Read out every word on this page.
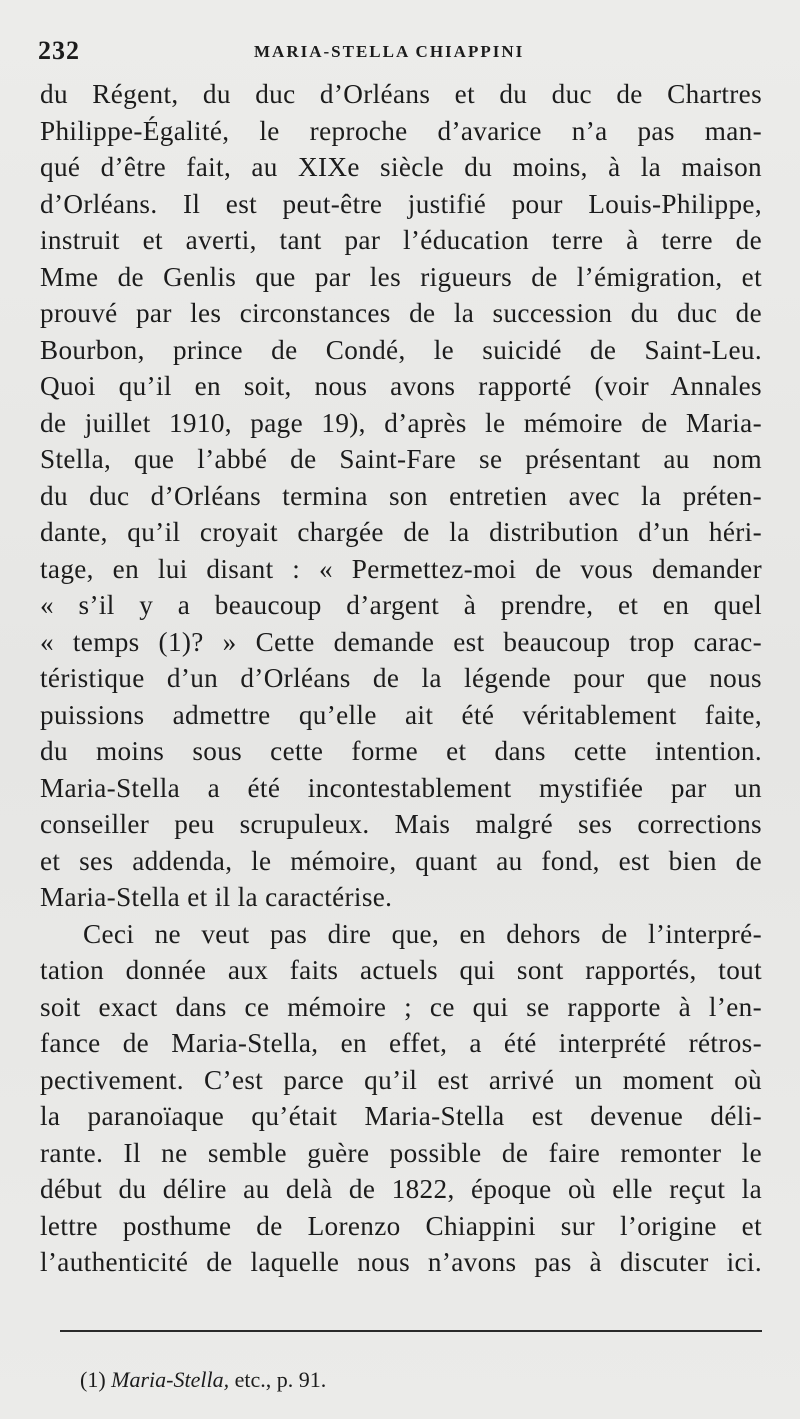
232	MARIA-STELLA CHIAPPINI
du Régent, du duc d’Orléans et du duc de Chartres
Philippe-Égalité, le reproche d’avarice n’a pas man-
qué d’être fait, au XIXe siècle du moins, à la maison
d’Orléans. Il est peut-être justifié pour Louis-Philippe,
instruit et averti, tant par l’éducation terre à terre de
Mme de Genlis que par les rigueurs de l’émigration, et
prouvé par les circonstances de la succession du duc de
Bourbon, prince de Condé, le suicidé de Saint-Leu.
Quoi qu’il en soit, nous avons rapporté (voir Annales
de juillet 1910, page 19), d’après le mémoire de Maria-
Stella, que l’abbé de Saint-Fare se présentant au nom
du duc d’Orléans termina son entretien avec la préten-
dante, qu’il croyait chargée de la distribution d’un héri-
tage, en lui disant : « Permettez-moi de vous demander
« s’il y a beaucoup d’argent à prendre, et en quel
« temps (1)? » Cette demande est beaucoup trop carac-
téristique d’un d’Orléans de la légende pour que nous
puissions admettre qu’elle ait été véritablement faite,
du moins sous cette forme et dans cette intention.
Maria-Stella a été incontestablement mystifiée par un
conseiller peu scrupuleux. Mais malgré ses corrections
et ses addenda, le mémoire, quant au fond, est bien de
Maria-Stella et il la caractérise.
Ceci ne veut pas dire que, en dehors de l’interpré-
tation donnée aux faits actuels qui sont rapportés, tout
soit exact dans ce mémoire ; ce qui se rapporte à l’en-
fance de Maria-Stella, en effet, a été interprété rétros-
pectivement. C’est parce qu’il est arrivé un moment où
la paranoïaque qu’était Maria-Stella est devenue déli-
rante. Il ne semble guère possible de faire remonter le
début du délire au delà de 1822, époque où elle reçut la
lettre posthume de Lorenzo Chiappini sur l’origine et
l’authenticité de laquelle nous n’avons pas à discuter ici.
(1) Maria-Stella, etc., p. 91.
